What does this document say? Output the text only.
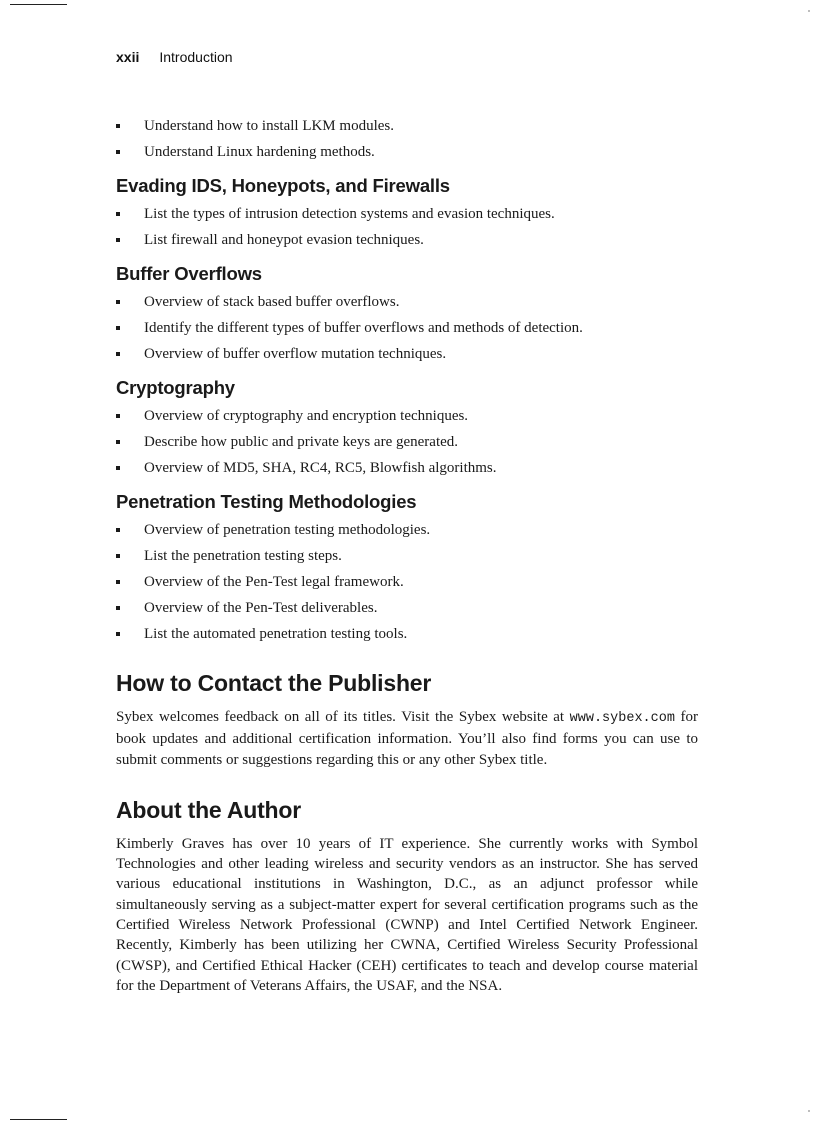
xxii Introduction
Understand how to install LKM modules.
Understand Linux hardening methods.
Evading IDS, Honeypots, and Firewalls
List the types of intrusion detection systems and evasion techniques.
List firewall and honeypot evasion techniques.
Buffer Overflows
Overview of stack based buffer overflows.
Identify the different types of buffer overflows and methods of detection.
Overview of buffer overflow mutation techniques.
Cryptography
Overview of cryptography and encryption techniques.
Describe how public and private keys are generated.
Overview of MD5, SHA, RC4, RC5, Blowfish algorithms.
Penetration Testing Methodologies
Overview of penetration testing methodologies.
List the penetration testing steps.
Overview of the Pen-Test legal framework.
Overview of the Pen-Test deliverables.
List the automated penetration testing tools.
How to Contact the Publisher

Sybex welcomes feedback on all of its titles. Visit the Sybex website at www.sybex.com for book updates and additional certification information. You’ll also find forms you can use to submit comments or suggestions regarding this or any other Sybex title.

About the Author

Kimberly Graves has over 10 years of IT experience. She currently works with Symbol Technologies and other leading wireless and security vendors as an instructor. She has served various educational institutions in Washington, D.C., as an adjunct professor while simultaneously serving as a subject-matter expert for several certification programs such as the Certified Wireless Network Professional (CWNP) and Intel Certified Network Engineer. Recently, Kimberly has been utilizing her CWNA, Certified Wireless Security Professional (CWSP), and Certified Ethical Hacker (CEH) certificates to teach and develop course material for the Department of Veterans Affairs, the USAF, and the NSA.
